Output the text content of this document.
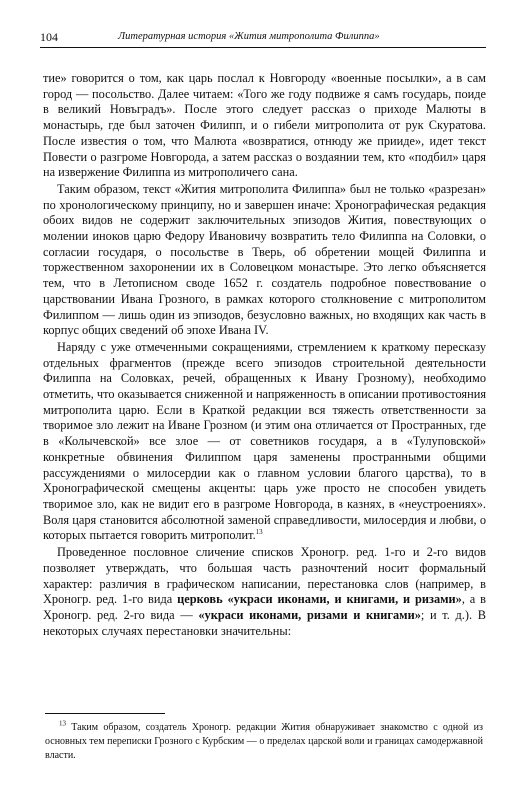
104	Литературная история «Жития митрополита Филиппа»

тие» говорится о том, как царь послал к Новгороду «военные посылки», а в сам город — посольство. Далее читаем: «Того же году подвиже я самъ государь, поиде в великий Новъградъ». После этого следует рассказ о приходе Малюты в монастырь, где был заточен Филипп, и о гибели митрополита от рук Скуратова. После известия о том, что Малюта «возвратися, отнюду же прииде», идет текст Повести о разгроме Новгорода, а затем рассказ о воздаянии тем, кто «подбил» царя на извержение Филиппа из митрополичего сана.

Таким образом, текст «Жития митрополита Филиппа» был не только «разрезан» по хронологическому принципу, но и завершен иначе: Хронографическая редакция обоих видов не содержит заключительных эпизодов Жития, повествующих о молении иноков царю Федору Ивановичу возвратить тело Филиппа на Соловки, о согласии государя, о посольстве в Тверь, об обретении мощей Филиппа и торжественном захоронении их в Соловецком монастыре. Это легко объясняется тем, что в Летописном своде 1652 г. создатель подробное повествование о царствовании Ивана Грозного, в рамках которого столкновение с митрополитом Филиппом — лишь один из эпизодов, безусловно важных, но входящих как часть в корпус общих сведений об эпохе Ивана IV.

Наряду с уже отмеченными сокращениями, стремлением к краткому пересказу отдельных фрагментов (прежде всего эпизодов строительной деятельности Филиппа на Соловках, речей, обращенных к Ивану Грозному), необходимо отметить, что оказывается сниженной и напряженность в описании противостояния митрополита царю. Если в Краткой редакции вся тяжесть ответственности за творимое зло лежит на Иване Грозном (и этим она отличается от Пространных, где в «Колычевской» все злое — от советников государя, а в «Тулуповской» конкретные обвинения Филиппом царя заменены пространными общими рассуждениями о милосердии как о главном условии благого царства), то в Хронографической смещены акценты: царь уже просто не способен увидеть творимое зло, как не видит его в разгроме Новгорода, в казнях, в «неустроениях». Воля царя становится абсолютной заменой справедливости, милосердия и любви, о которых пытается говорить митрополит.$^{13}$

Проведенное пословное сличение списков Хроногр. ред. 1-го и 2-го видов позволяет утверждать, что большая часть разночтений носит формальный характер: различия в графическом написании, перестановка слов (например, в Хроногр. ред. 1-го вида церковь «украси иконами, и книгами, и ризами», а в Хроногр. ред. 2-го вида — «украси иконами, ризами и книгами»; и т. д.). В некоторых случаях перестановки значительны:

$^{13}$ Таким образом, создатель Хроногр. редакции Жития обнаруживает знакомство с одной из основных тем переписки Грозного с Курбским — о пределах царской воли и границах самодержавной власти.
